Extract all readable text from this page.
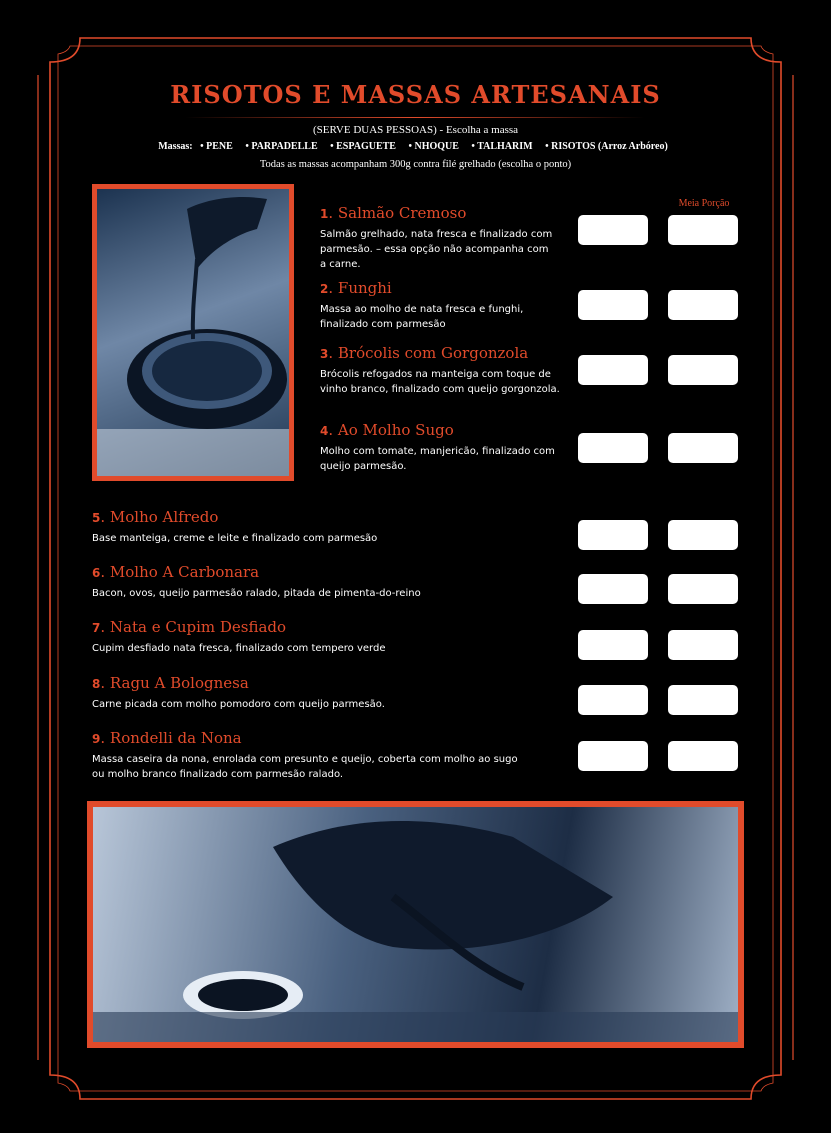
RISOTOS E MASSAS ARTESANAIS
(SERVE DUAS PESSOAS) - Escolha a massa
Massas: • PENE • PARPADELLE • ESPAGUETE • NHOQUE • TALHARIM • RISOTOS (Arroz Arbóreo)
Todas as massas acompanham 300g contra filé grelhado (escolha o ponto)
Meia Porção
1. Salmão Cremoso
Salmão grelhado, nata fresca e finalizado com parmesão. – essa opção não acompanha com a carne.
2. Funghi
Massa ao molho de nata fresca e funghi, finalizado com parmesão
3. Brócolis com Gorgonzola
Brócolis refogados na manteiga com toque de vinho branco, finalizado com queijo gorgonzola.
4. Ao Molho Sugo
Molho com tomate, manjericão, finalizado com queijo parmesão.
5. Molho Alfredo
Base manteiga, creme e leite e finalizado com parmesão
6. Molho A Carbonara
Bacon, ovos, queijo parmesão ralado, pitada de pimenta-do-reino
7. Nata e Cupim Desfiado
Cupim desfiado nata fresca, finalizado com tempero verde
8. Ragu A Bolognesa
Carne picada com molho pomodoro com queijo parmesão.
9. Rondelli da Nona
Massa caseira da nona, enrolada com presunto e queijo, coberta com molho ao sugo ou molho branco finalizado com parmesão ralado.
